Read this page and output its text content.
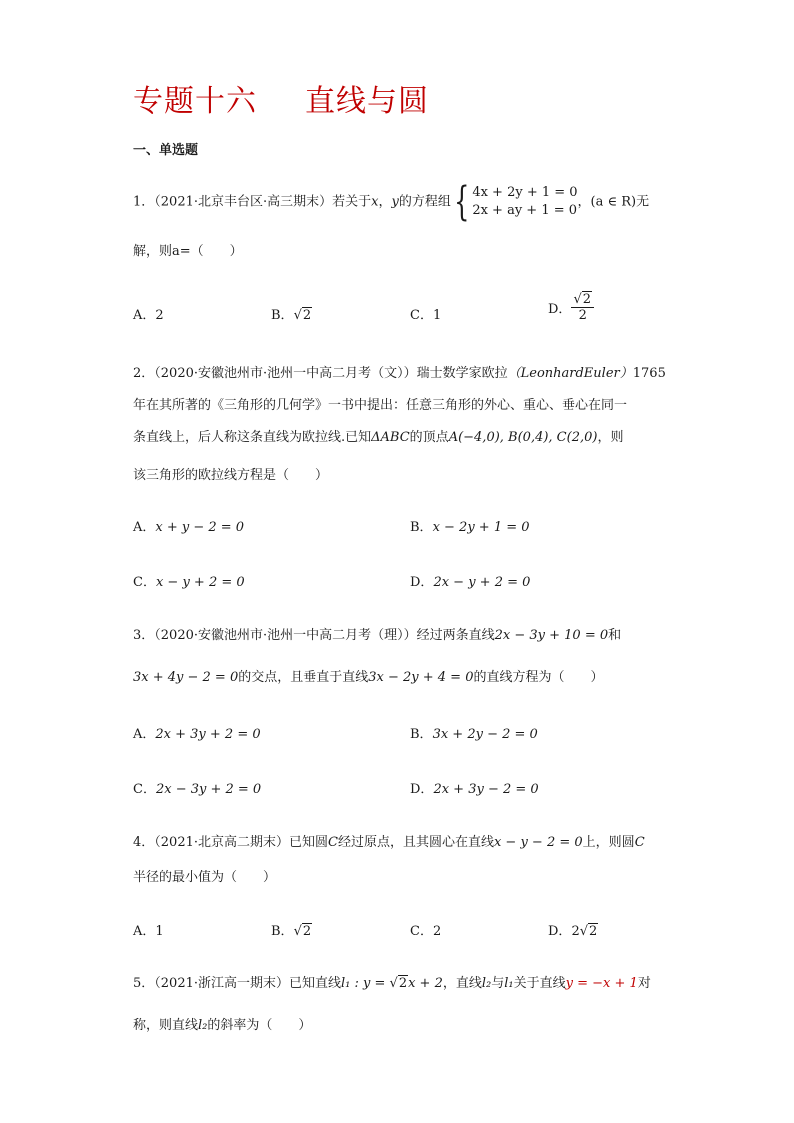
专题十六 直线与圆
一、单选题
1．（2021·北京丰台区·高三期末）若关于x，y的方程组{ 4x + 2y + 1 = 0
2x + ay + 1 = 0
，(a ∈ R)无
解，则a=（　　）
A．2	B．√2	C．1	D． $\frac{√2}{2}$
2．（2020·安徽池州市·池州一中高二月考（文））瑞士数学家欧拉（LeonhardEuler）1765
年在其所著的《三角形的几何学》一书中提出：任意三角形的外心、重心、垂心在同一
条直线上，后人称这条直线为欧拉线.已知ΔABC的顶点A(−4,0), B(0,4), C(2,0)，则
该三角形的欧拉线方程是（　　）
A．x + y − 2 = 0	B．x − 2y + 1 = 0
C．x − y + 2 = 0	D．2x − y + 2 = 0
3．（2020·安徽池州市·池州一中高二月考（理））经过两条直线2x − 3y + 10 = 0和
3x + 4y − 2 = 0的交点，且垂直于直线3x − 2y + 4 = 0的直线方程为（　　）
A．2x + 3y + 2 = 0	B．3x + 2y − 2 = 0
C．2x − 3y + 2 = 0	D．2x + 3y − 2 = 0
4．（2021·北京高二期末）已知圆C经过原点，且其圆心在直线x − y − 2 = 0上，则圆C
半径的最小值为（　　）
A．1	B．√2	C．2	D．2√2
5．（2021·浙江高一期末）已知直线l₁ : y = √2x + 2，直线l₂与l₁关于直线y = −x + 1对
称，则直线l₂的斜率为（　　）
